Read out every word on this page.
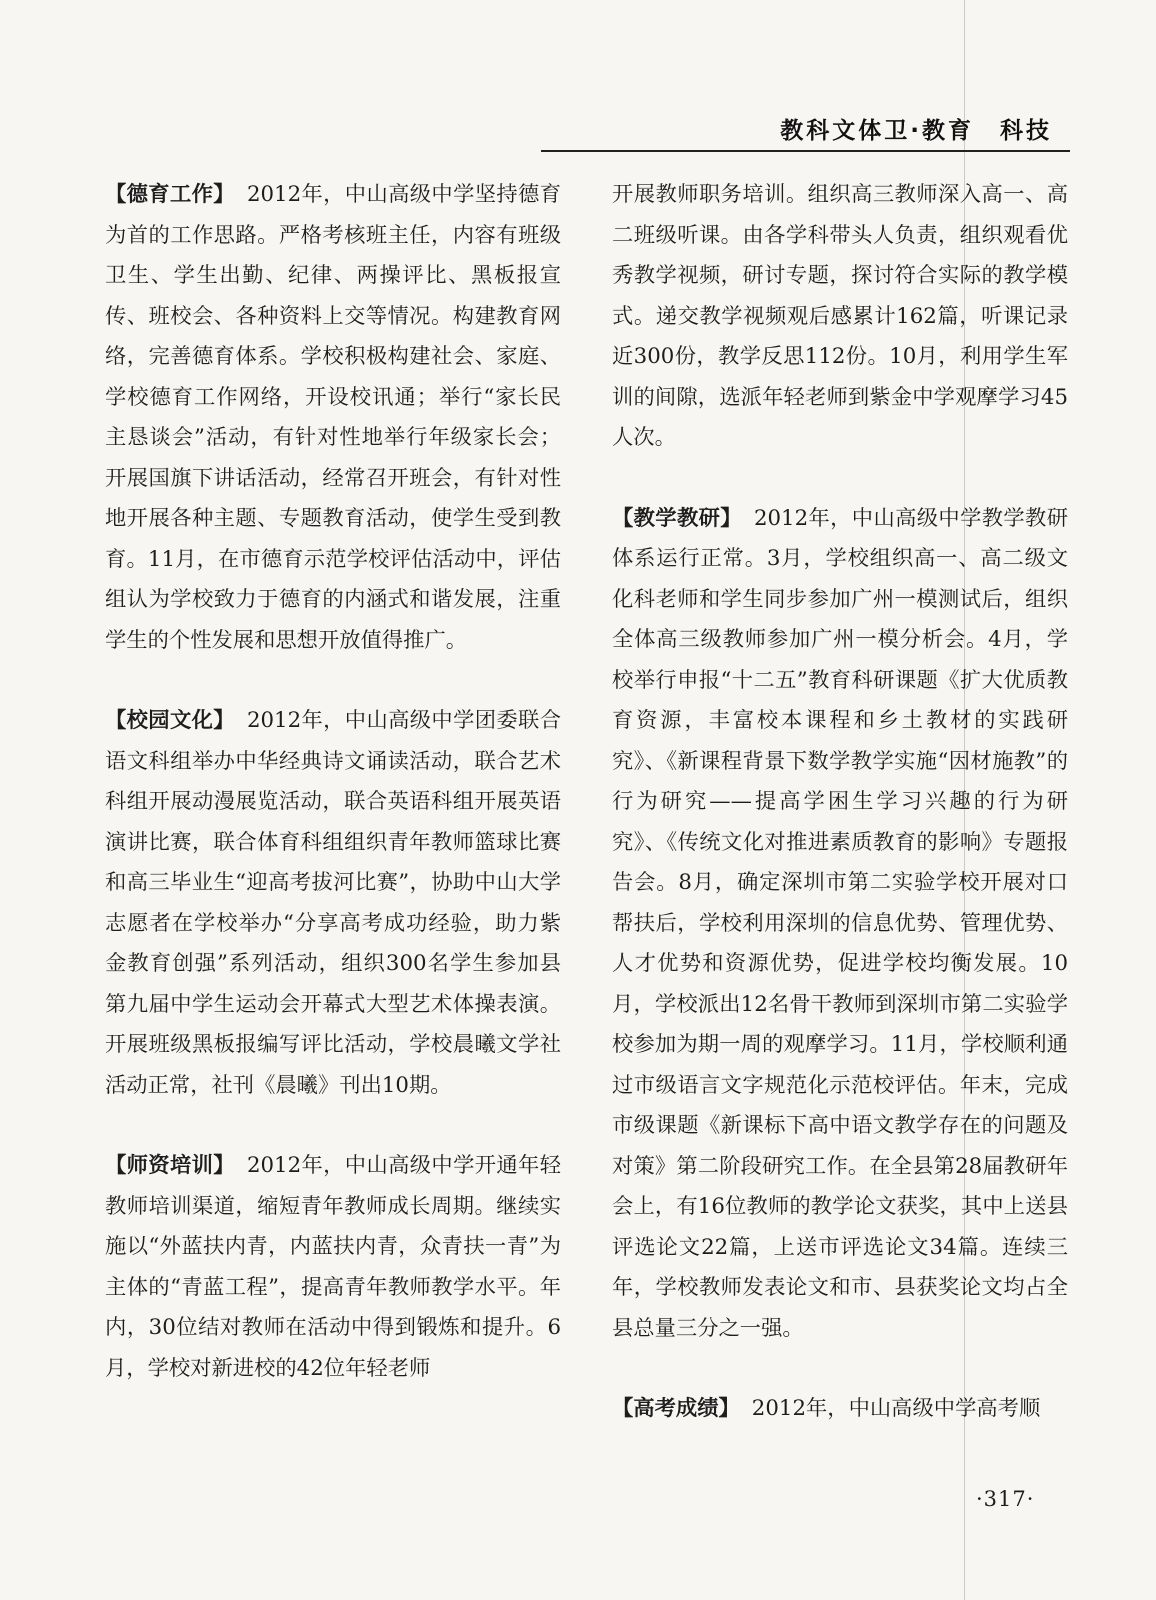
教科文体卫·教育　科技

【德育工作】 2012年，中山高级中学坚持德育为首的工作思路。严格考核班主任，内容有班级卫生、学生出勤、纪律、两操评比、黑板报宣传、班校会、各种资料上交等情况。构建教育网络，完善德育体系。学校积极构建社会、家庭、学校德育工作网络，开设校讯通；举行“家长民主恳谈会”活动，有针对性地举行年级家长会；开展国旗下讲话活动，经常召开班会，有针对性地开展各种主题、专题教育活动，使学生受到教育。11月，在市德育示范学校评估活动中，评估组认为学校致力于德育的内涵式和谐发展，注重学生的个性发展和思想开放值得推广。

【校园文化】 2012年，中山高级中学团委联合语文科组举办中华经典诗文诵读活动，联合艺术科组开展动漫展览活动，联合英语科组开展英语演讲比赛，联合体育科组组织青年教师篮球比赛和高三毕业生“迎高考拔河比赛”，协助中山大学志愿者在学校举办“分享高考成功经验，助力紫金教育创强”系列活动，组织300名学生参加县第九届中学生运动会开幕式大型艺术体操表演。开展班级黑板报编写评比活动，学校晨曦文学社活动正常，社刊《晨曦》刊出10期。

【师资培训】 2012年，中山高级中学开通年轻教师培训渠道，缩短青年教师成长周期。继续实施以“外蓝扶内青，内蓝扶内青，众青扶一青”为主体的“青蓝工程”，提高青年教师教学水平。年内，30位结对教师在活动中得到锻炼和提升。6月，学校对新进校的42位年轻老师

开展教师职务培训。组织高三教师深入高一、高二班级听课。由各学科带头人负责，组织观看优秀教学视频，研讨专题，探讨符合实际的教学模式。递交教学视频观后感累计162篇，听课记录近300份，教学反思112份。10月，利用学生军训的间隙，选派年轻老师到紫金中学观摩学习45人次。

【教学教研】 2012年，中山高级中学教学教研体系运行正常。3月，学校组织高一、高二级文化科老师和学生同步参加广州一模测试后，组织全体高三级教师参加广州一模分析会。4月，学校举行申报“十二五”教育科研课题《扩大优质教育资源，丰富校本课程和乡土教材的实践研究》、《新课程背景下数学教学实施“因材施教”的行为研究——提高学困生学习兴趣的行为研究》、《传统文化对推进素质教育的影响》专题报告会。8月，确定深圳市第二实验学校开展对口帮扶后，学校利用深圳的信息优势、管理优势、人才优势和资源优势，促进学校均衡发展。10月，学校派出12名骨干教师到深圳市第二实验学校参加为期一周的观摩学习。11月，学校顺利通过市级语言文字规范化示范校评估。年末，完成市级课题《新课标下高中语文教学存在的问题及对策》第二阶段研究工作。在全县第28届教研年会上，有16位教师的教学论文获奖，其中上送县评选论文22篇，上送市评选论文34篇。连续三年，学校教师发表论文和市、县获奖论文均占全县总量三分之一强。

【高考成绩】 2012年，中山高级中学高考顺

·317·
